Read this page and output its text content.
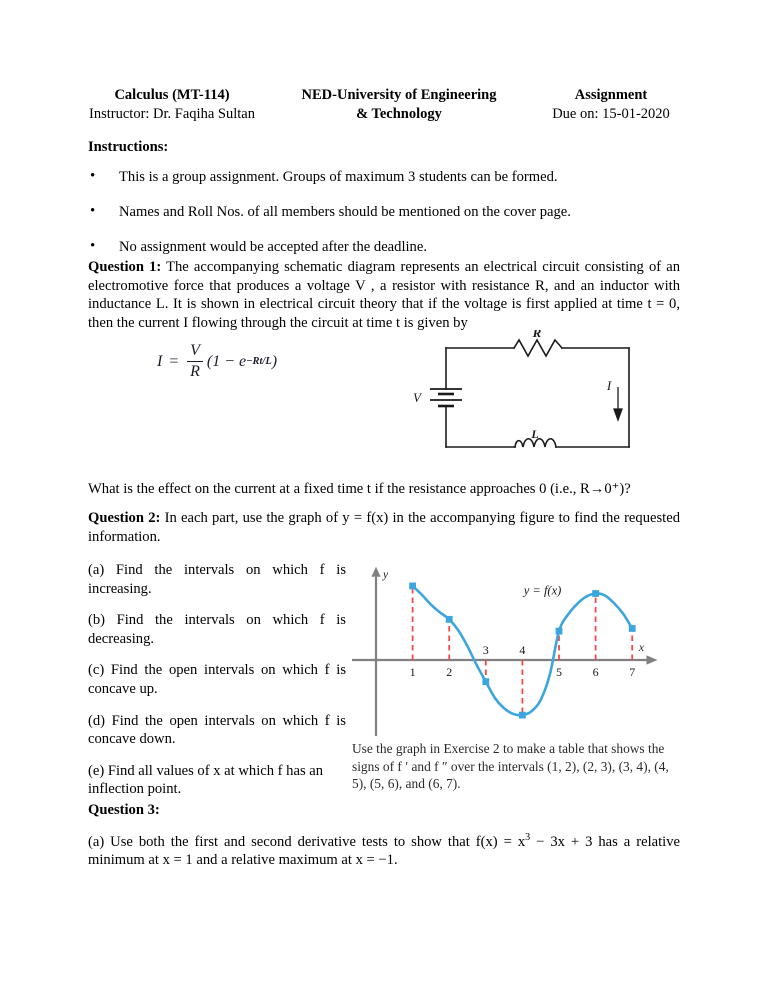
Calculus (MT-114)
Instructor: Dr. Faqiha Sultan
NED-University of Engineering
& Technology
Assignment
Due on: 15-01-2020
Instructions:
• This is a group assignment. Groups of maximum 3 students can be formed.
• Names and Roll Nos. of all members should be mentioned on the cover page.
• No assignment would be accepted after the deadline.
Question 1: The accompanying schematic diagram represents an electrical circuit consisting of an electromotive force that produces a voltage V , a resistor with resistance R, and an inductor with inductance L. It is shown in electrical circuit theory that if the voltage is first applied at time t = 0, then the current I flowing through the circuit at time t is given by
$I = \frac{V}{R} (1 - e -Rt/L$ )
R
L
V
I
What is the effect on the current at a fixed time t if the resistance approaches 0 (i.e., R→0⁺)?
Question 2: In each part, use the graph of y = f(x) in the accompanying figure to find the requested information.
(a) Find the intervals on which f is increasing.
(b) Find the intervals on which f is decreasing.
(c) Find the open intervals on which f is concave up.
(d) Find the open intervals on which f is concave down.
(e) Find all values of x at which f has an inflection point.
y
x
1	2
3	4
5	6	7
y = f(x)
Use the graph in Exercise 2 to make a table that shows the signs of f ′ and f ″ over the intervals (1, 2), (2, 3), (3, 4), (4, 5), (5, 6), and (6, 7).
Question 3:
(a) Use both the first and second derivative tests to show that $f(x) = x^3 - 3x + 3$ has a relative minimum at x = 1 and a relative maximum at x = −1.
